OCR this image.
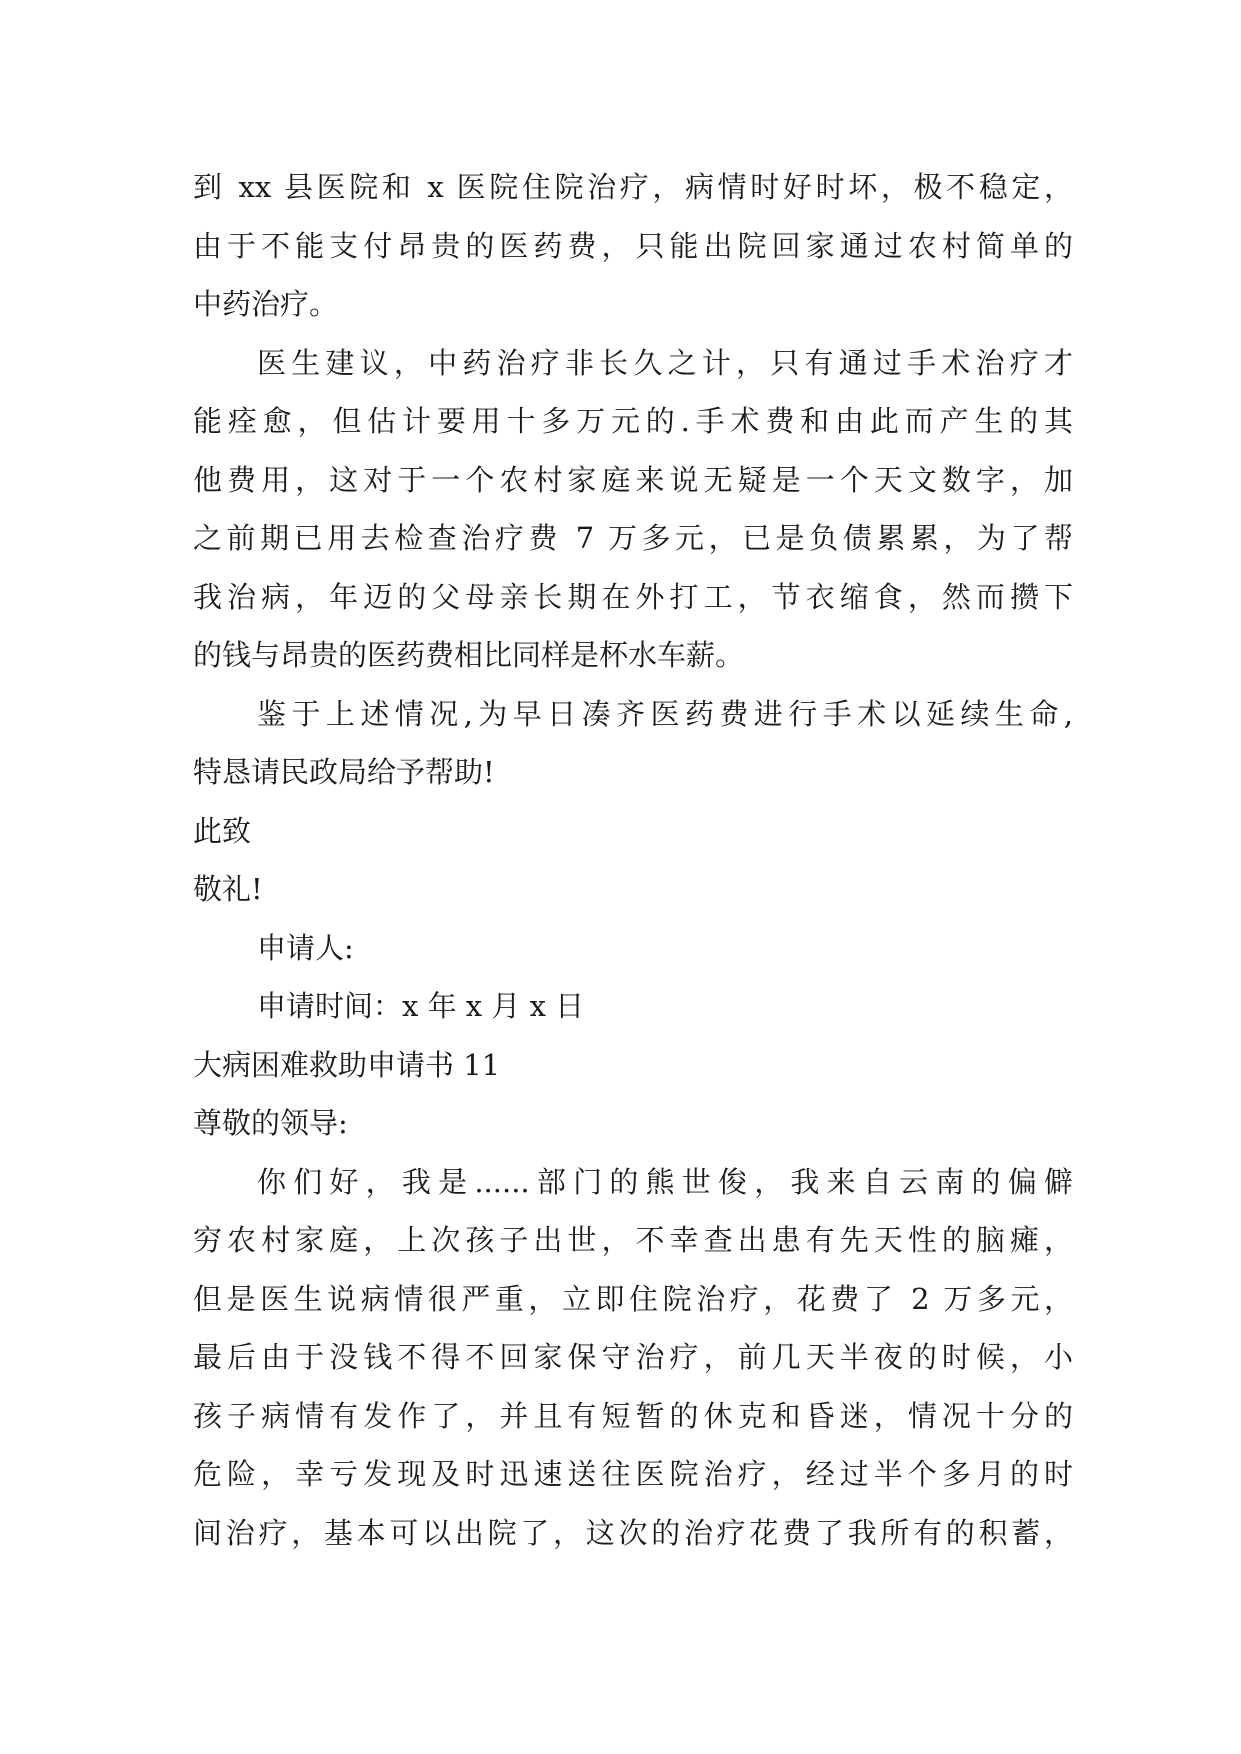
到 xx 县医院和 x 医院住院治疗，病情时好时坏，极不稳定，
由于不能支付昂贵的医药费，只能出院回家通过农村简单的
中药治疗。
医生建议，中药治疗非长久之计，只有通过手术治疗才
能痊愈，但估计要用十多万元的.手术费和由此而产生的其
他费用，这对于一个农村家庭来说无疑是一个天文数字，加
之前期已用去检查治疗费 7 万多元，已是负债累累，为了帮
我治病，年迈的父母亲长期在外打工，节衣缩食，然而攒下
的钱与昂贵的医药费相比同样是杯水车薪。
鉴于上述情况,为早日凑齐医药费进行手术以延续生命,
特恳请民政局给予帮助!
此致
敬礼!
申请人:
申请时间：x 年 x 月 x 日
大病困难救助申请书 11
尊敬的领导:
你们好，我是......部门的熊世俊，我来自云南的偏僻
穷农村家庭，上次孩子出世，不幸查出患有先天性的脑瘫，
但是医生说病情很严重，立即住院治疗，花费了 2 万多元，
最后由于没钱不得不回家保守治疗，前几天半夜的时候，小
孩子病情有发作了，并且有短暂的休克和昏迷，情况十分的
危险，幸亏发现及时迅速送往医院治疗，经过半个多月的时
间治疗，基本可以出院了，这次的治疗花费了我所有的积蓄，
